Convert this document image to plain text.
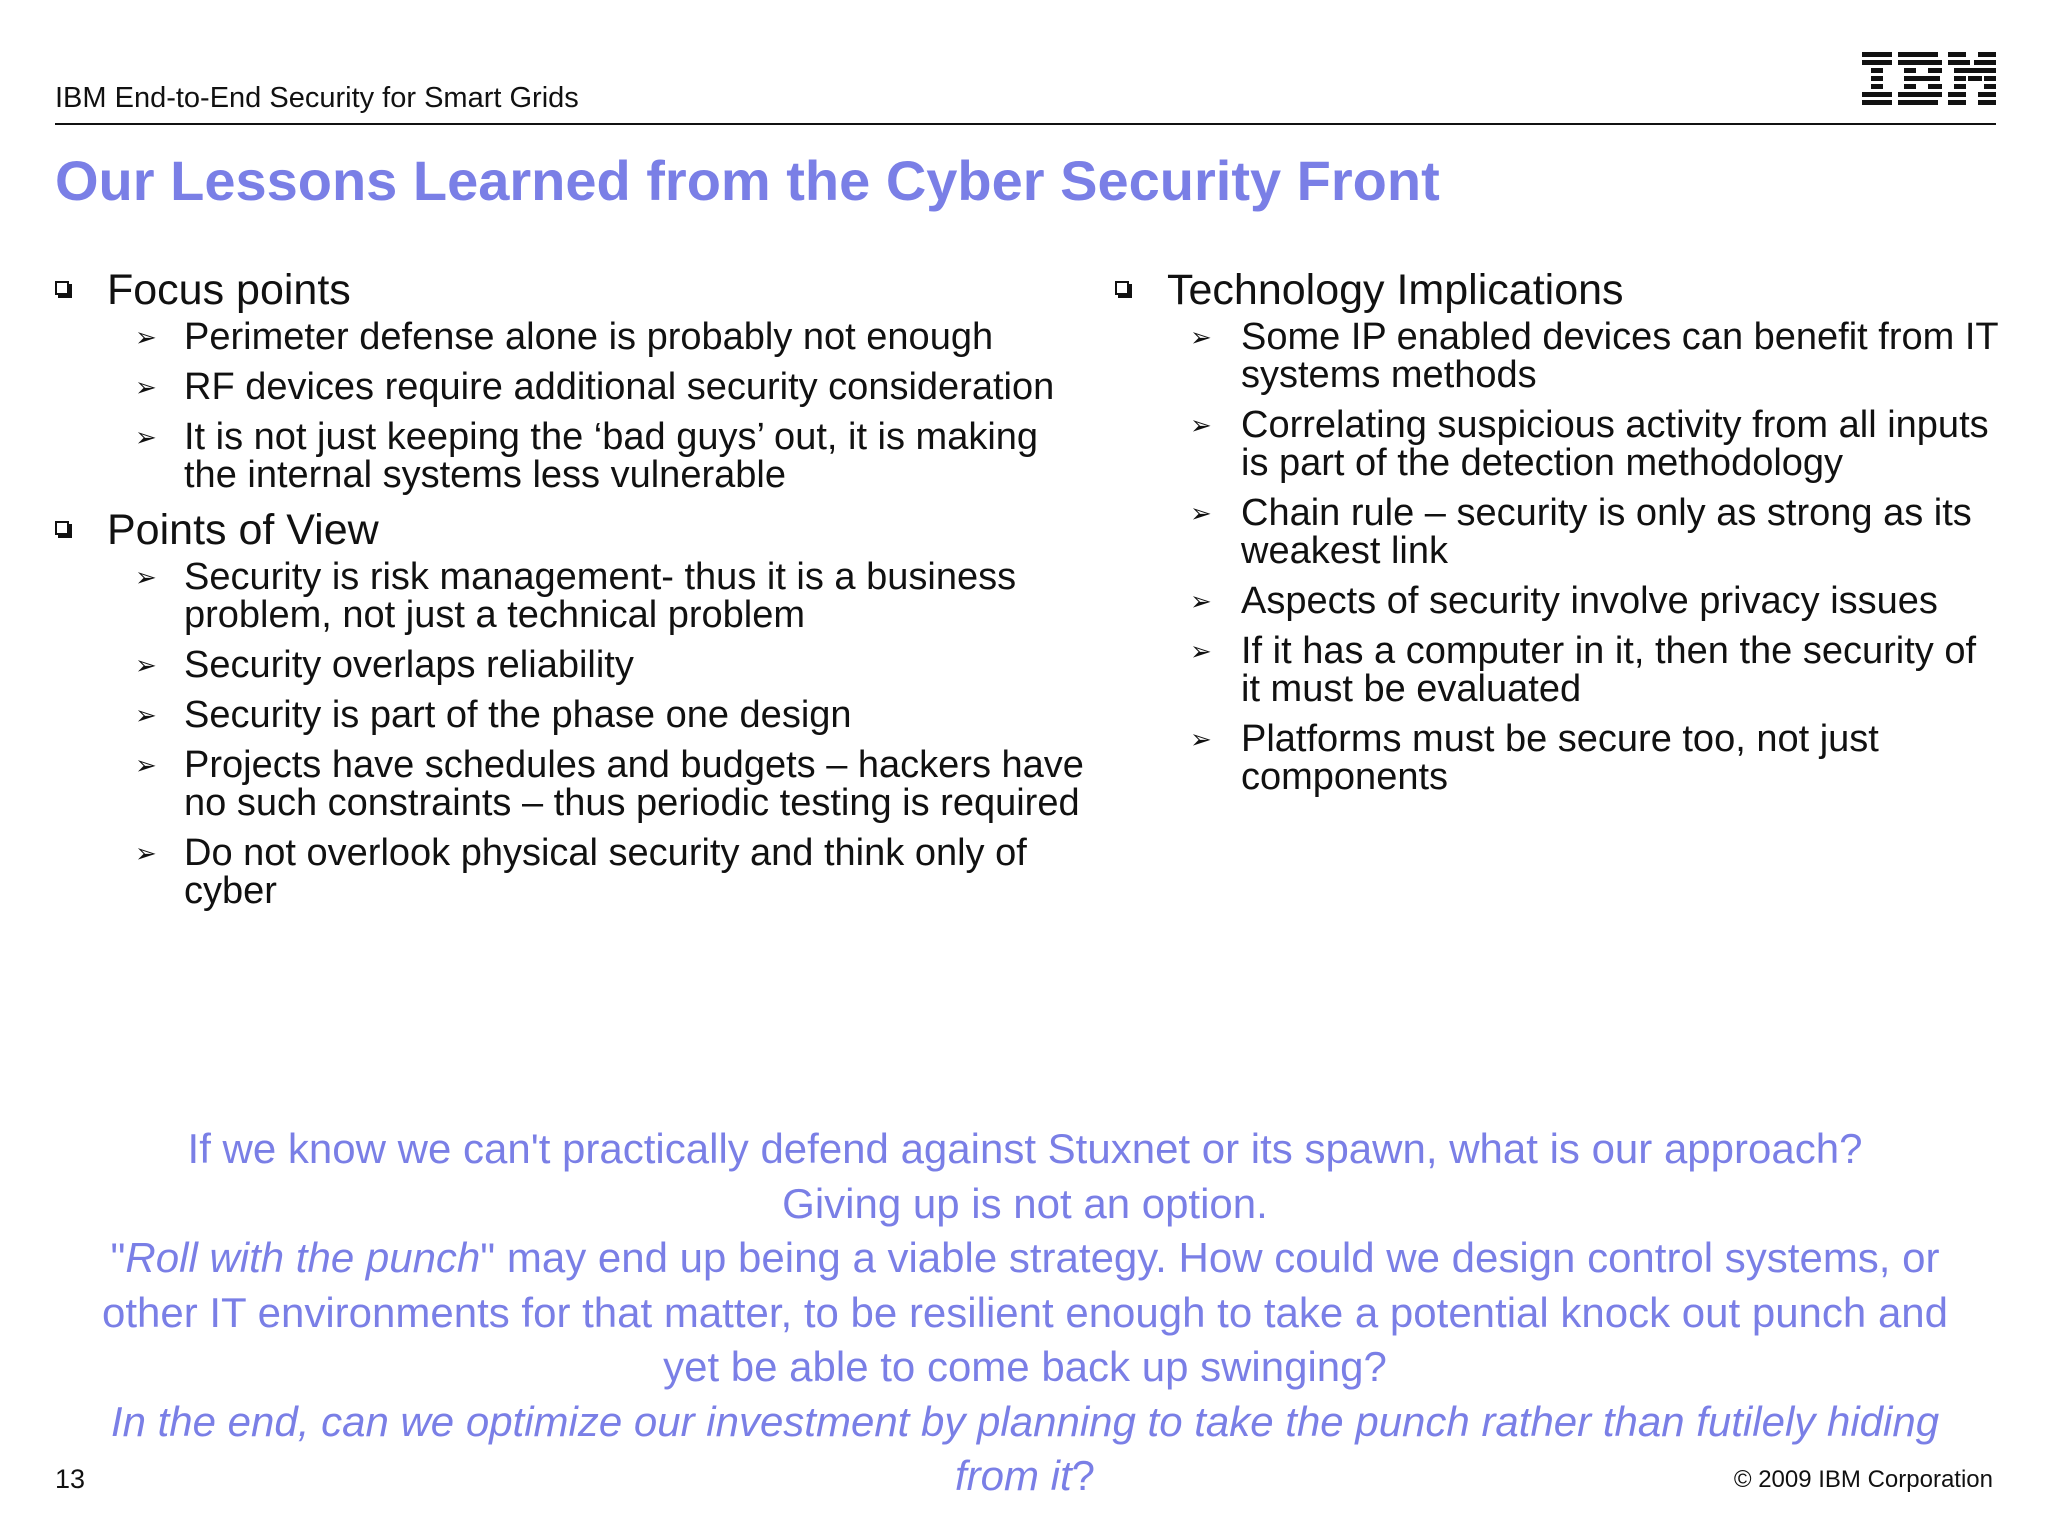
IBM End-to-End Security for Smart Grids
Our Lessons Learned from the Cyber Security Front
Focus points
➢ Perimeter defense alone is probably not enough
➢ RF devices require additional security consideration
➢ It is not just keeping the ‘bad guys’ out, it is making the internal systems less vulnerable
Points of View
➢ Security is risk management- thus it is a business problem, not just a technical problem
➢ Security overlaps reliability
➢ Security is part of the phase one design
➢ Projects have schedules and budgets – hackers have no such constraints – thus periodic testing is required
➢ Do not overlook physical security and think only of cyber
Technology Implications
➢ Some IP enabled devices can benefit from IT systems methods
➢ Correlating suspicious activity from all inputs is part of the detection methodology
➢ Chain rule – security is only as strong as its weakest link
➢ Aspects of security involve privacy issues
➢ If it has a computer in it, then the security of it must be evaluated
➢ Platforms must be secure too, not just components
If we know we can't practically defend against Stuxnet or its spawn, what is our approach?
Giving up is not an option.
"Roll with the punch" may end up being a viable strategy. How could we design control systems, or other IT environments for that matter, to be resilient enough to take a potential knock out punch and yet be able to come back up swinging?
In the end, can we optimize our investment by planning to take the punch rather than futilely hiding from it?
13	© 2009 IBM Corporation
